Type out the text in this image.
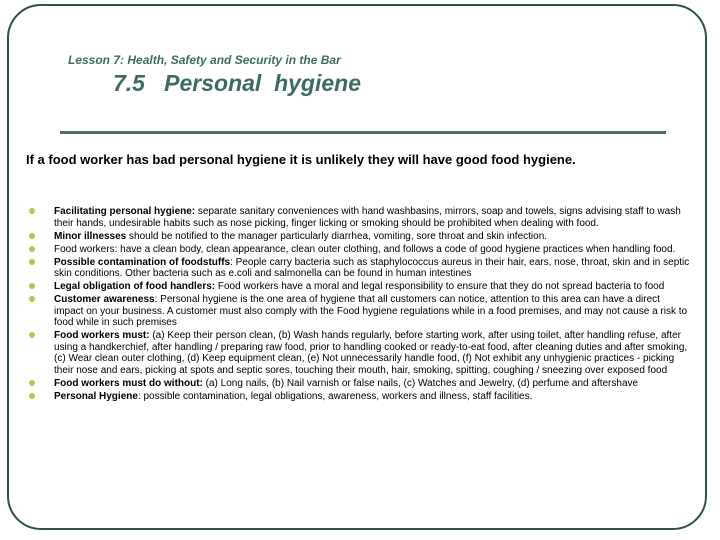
Lesson 7: Health, Safety and Security in the Bar
7.5   Personal  hygiene
If a food worker has bad personal hygiene it is unlikely they will have good food hygiene.
Facilitating personal hygiene: separate sanitary conveniences with hand washbasins, mirrors, soap and towels, signs advising staff to wash their hands, undesirable habits such as nose picking, finger licking or smoking should be prohibited when dealing with food.
Minor illnesses should be notified to the manager particularly diarrhea, vomiting, sore throat and skin infection.
Food workers: have a clean body, clean appearance, clean outer clothing, and follows a code of good hygiene practices when handling food.
Possible contamination of foodstuffs: People carry bacteria such as staphylococcus aureus in their hair, ears, nose, throat, skin and in septic skin conditions. Other bacteria such as e.coli and salmonella can be found in human intestines
Legal obligation of food handlers: Food workers have a moral and legal responsibility to ensure that they do not spread bacteria to food
Customer awareness: Personal hygiene is the one area of hygiene that all customers can notice, attention to this area can have a direct impact on your business. A customer must also comply with the Food hygiene regulations while in a food premises, and may not cause a risk to food while in such premises
Food workers must: (a) Keep their person clean, (b) Wash hands regularly, before starting work, after using toilet, after handling refuse, after using a handkerchief, after handling / preparing raw food, prior to handling cooked or ready-to-eat food, after cleaning duties and after smoking, (c) Wear clean outer clothing, (d) Keep equipment clean, (e) Not unnecessarily handle food, (f) Not exhibit any unhygienic practices - picking their nose and ears, picking at spots and septic sores, touching their mouth, hair, smoking, spitting, coughing / sneezing over exposed food
Food workers must do without: (a) Long nails, (b) Nail varnish or false nails, (c) Watches and Jewelry, (d) perfume and aftershave
Personal Hygiene: possible contamination, legal obligations, awareness, workers and illness, staff facilities.
